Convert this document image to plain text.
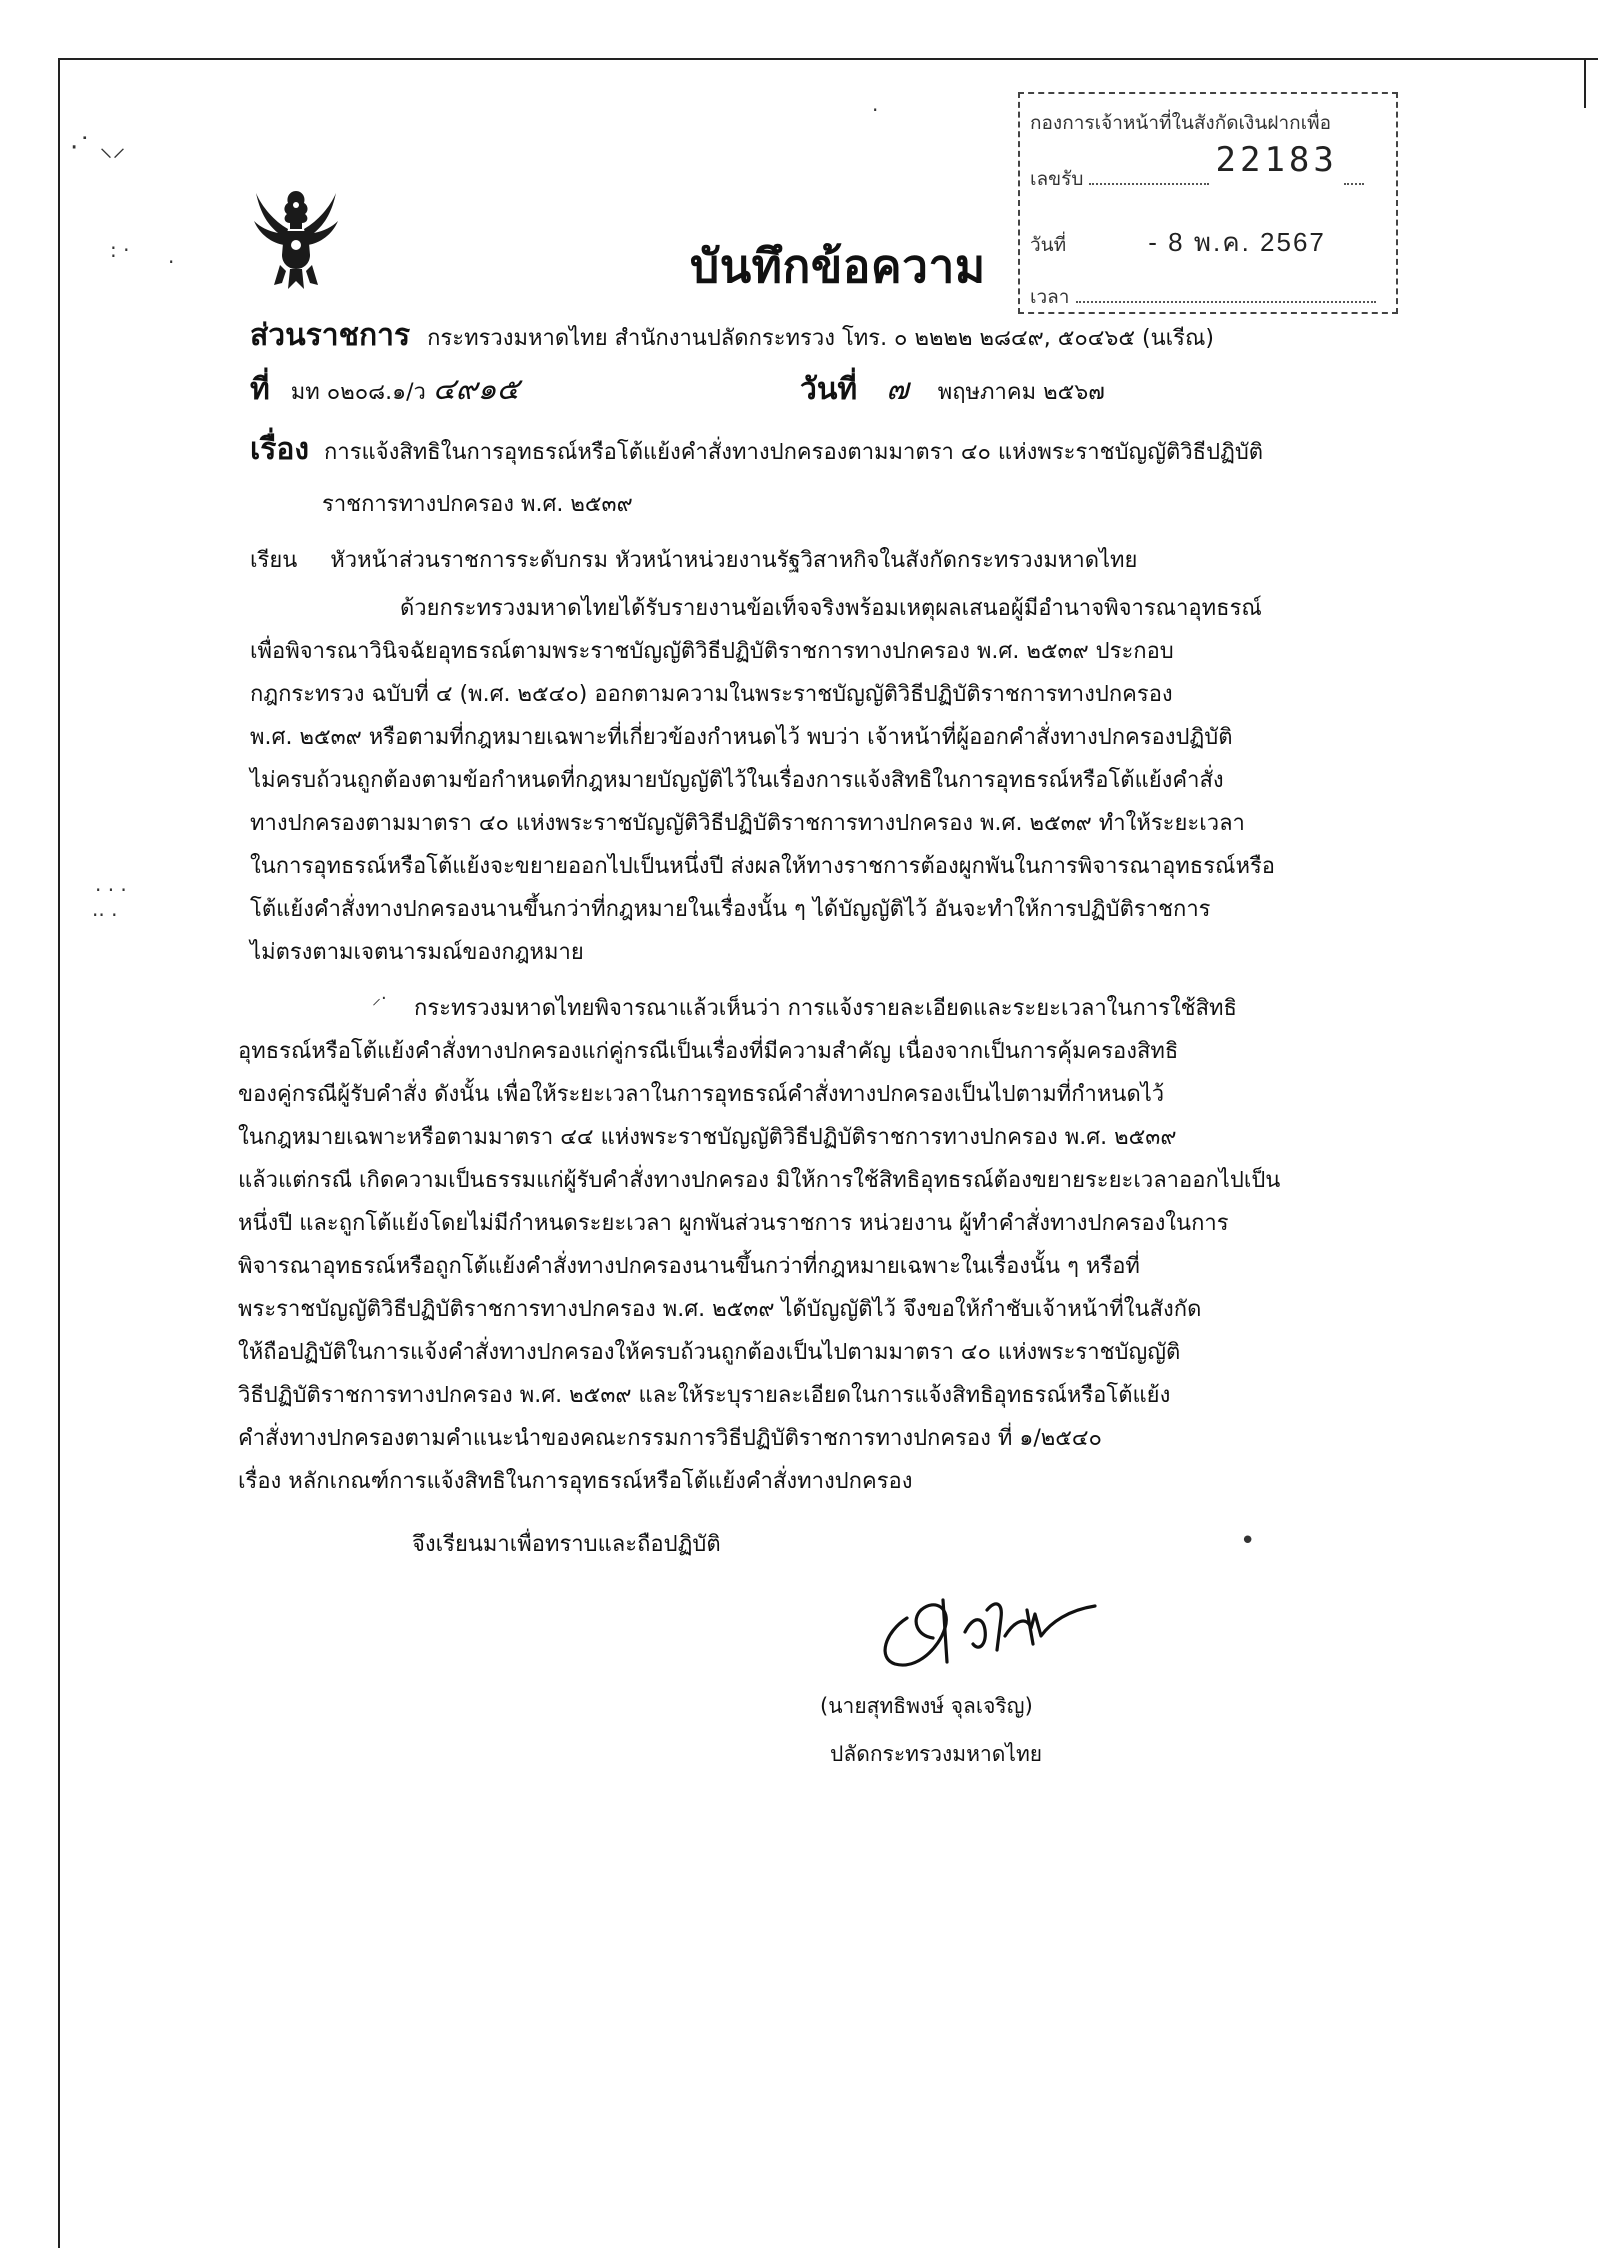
·˙ ⸜⸝
: · ·
· · ·
·· ·
·
•
บันทึกข้อความ
กองการเจ้าหน้าที่ในสังกัดเงินฝากเพื่อ
เลขรับ	22183
วันที่	- 8 พ.ค. 2567
เวลา
ส่วนราชการ กระทรวงมหาดไทย สำนักงานปลัดกระทรวง โทร. ๐ ๒๒๒๒ ๒๘๔๙, ๕๐๔๖๕ (นเรีณ)
ที่ มท ๐๒๐๘.๑/ว ๔๙๑๕	วันที่ ๗ พฤษภาคม ๒๕๖๗
เรื่อง การแจ้งสิทธิในการอุทธรณ์หรือโต้แย้งคำสั่งทางปกครองตามมาตรา ๔๐ แห่งพระราชบัญญัติวิธีปฏิบัติ
ราชการทางปกครอง พ.ศ. ๒๕๓๙
เรียน หัวหน้าส่วนราชการระดับกรม หัวหน้าหน่วยงานรัฐวิสาหกิจในสังกัดกระทรวงมหาดไทย
ด้วยกระทรวงมหาดไทยได้รับรายงานข้อเท็จจริงพร้อมเหตุผลเสนอผู้มีอำนาจพิจารณาอุทธรณ์
เพื่อพิจารณาวินิจฉัยอุทธรณ์ตามพระราชบัญญัติวิธีปฏิบัติราชการทางปกครอง พ.ศ. ๒๕๓๙ ประกอบ
กฎกระทรวง ฉบับที่ ๔ (พ.ศ. ๒๕๔๐) ออกตามความในพระราชบัญญัติวิธีปฏิบัติราชการทางปกครอง
พ.ศ. ๒๕๓๙ หรือตามที่กฎหมายเฉพาะที่เกี่ยวข้องกำหนดไว้ พบว่า เจ้าหน้าที่ผู้ออกคำสั่งทางปกครองปฏิบัติ
ไม่ครบถ้วนถูกต้องตามข้อกำหนดที่กฎหมายบัญญัติไว้ในเรื่องการแจ้งสิทธิในการอุทธรณ์หรือโต้แย้งคำสั่ง
ทางปกครองตามมาตรา ๔๐ แห่งพระราชบัญญัติวิธีปฏิบัติราชการทางปกครอง พ.ศ. ๒๕๓๙ ทำให้ระยะเวลา
ในการอุทธรณ์หรือโต้แย้งจะขยายออกไปเป็นหนึ่งปี ส่งผลให้ทางราชการต้องผูกพันในการพิจารณาอุทธรณ์หรือ
โต้แย้งคำสั่งทางปกครองนานขึ้นกว่าที่กฎหมายในเรื่องนั้น ๆ ได้บัญญัติไว้ อันจะทำให้การปฏิบัติราชการ
ไม่ตรงตามเจตนารมณ์ของกฎหมาย
กระทรวงมหาดไทยพิจารณาแล้วเห็นว่า การแจ้งรายละเอียดและระยะเวลาในการใช้สิทธิ
อุทธรณ์หรือโต้แย้งคำสั่งทางปกครองแก่คู่กรณีเป็นเรื่องที่มีความสำคัญ เนื่องจากเป็นการคุ้มครองสิทธิ
ของคู่กรณีผู้รับคำสั่ง ดังนั้น เพื่อให้ระยะเวลาในการอุทธรณ์คำสั่งทางปกครองเป็นไปตามที่กำหนดไว้
ในกฎหมายเฉพาะหรือตามมาตรา ๔๔ แห่งพระราชบัญญัติวิธีปฏิบัติราชการทางปกครอง พ.ศ. ๒๕๓๙
แล้วแต่กรณี เกิดความเป็นธรรมแก่ผู้รับคำสั่งทางปกครอง มิให้การใช้สิทธิอุทธรณ์ต้องขยายระยะเวลาออกไปเป็น
หนึ่งปี และถูกโต้แย้งโดยไม่มีกำหนดระยะเวลา ผูกพันส่วนราชการ หน่วยงาน ผู้ทำคำสั่งทางปกครองในการ
พิจารณาอุทธรณ์หรือถูกโต้แย้งคำสั่งทางปกครองนานขึ้นกว่าที่กฎหมายเฉพาะในเรื่องนั้น ๆ หรือที่
พระราชบัญญัติวิธีปฏิบัติราชการทางปกครอง พ.ศ. ๒๕๓๙ ได้บัญญัติไว้ จึงขอให้กำชับเจ้าหน้าที่ในสังกัด
ให้ถือปฏิบัติในการแจ้งคำสั่งทางปกครองให้ครบถ้วนถูกต้องเป็นไปตามมาตรา ๔๐ แห่งพระราชบัญญัติ
วิธีปฏิบัติราชการทางปกครอง พ.ศ. ๒๕๓๙ และให้ระบุรายละเอียดในการแจ้งสิทธิอุทธรณ์หรือโต้แย้ง
คำสั่งทางปกครองตามคำแนะนำของคณะกรรมการวิธีปฏิบัติราชการทางปกครอง ที่ ๑/๒๕๔๐
เรื่อง หลักเกณฑ์การแจ้งสิทธิในการอุทธรณ์หรือโต้แย้งคำสั่งทางปกครอง
⸝·
จึงเรียนมาเพื่อทราบและถือปฏิบัติ
(นายสุทธิพงษ์ จุลเจริญ)
ปลัดกระทรวงมหาดไทย
